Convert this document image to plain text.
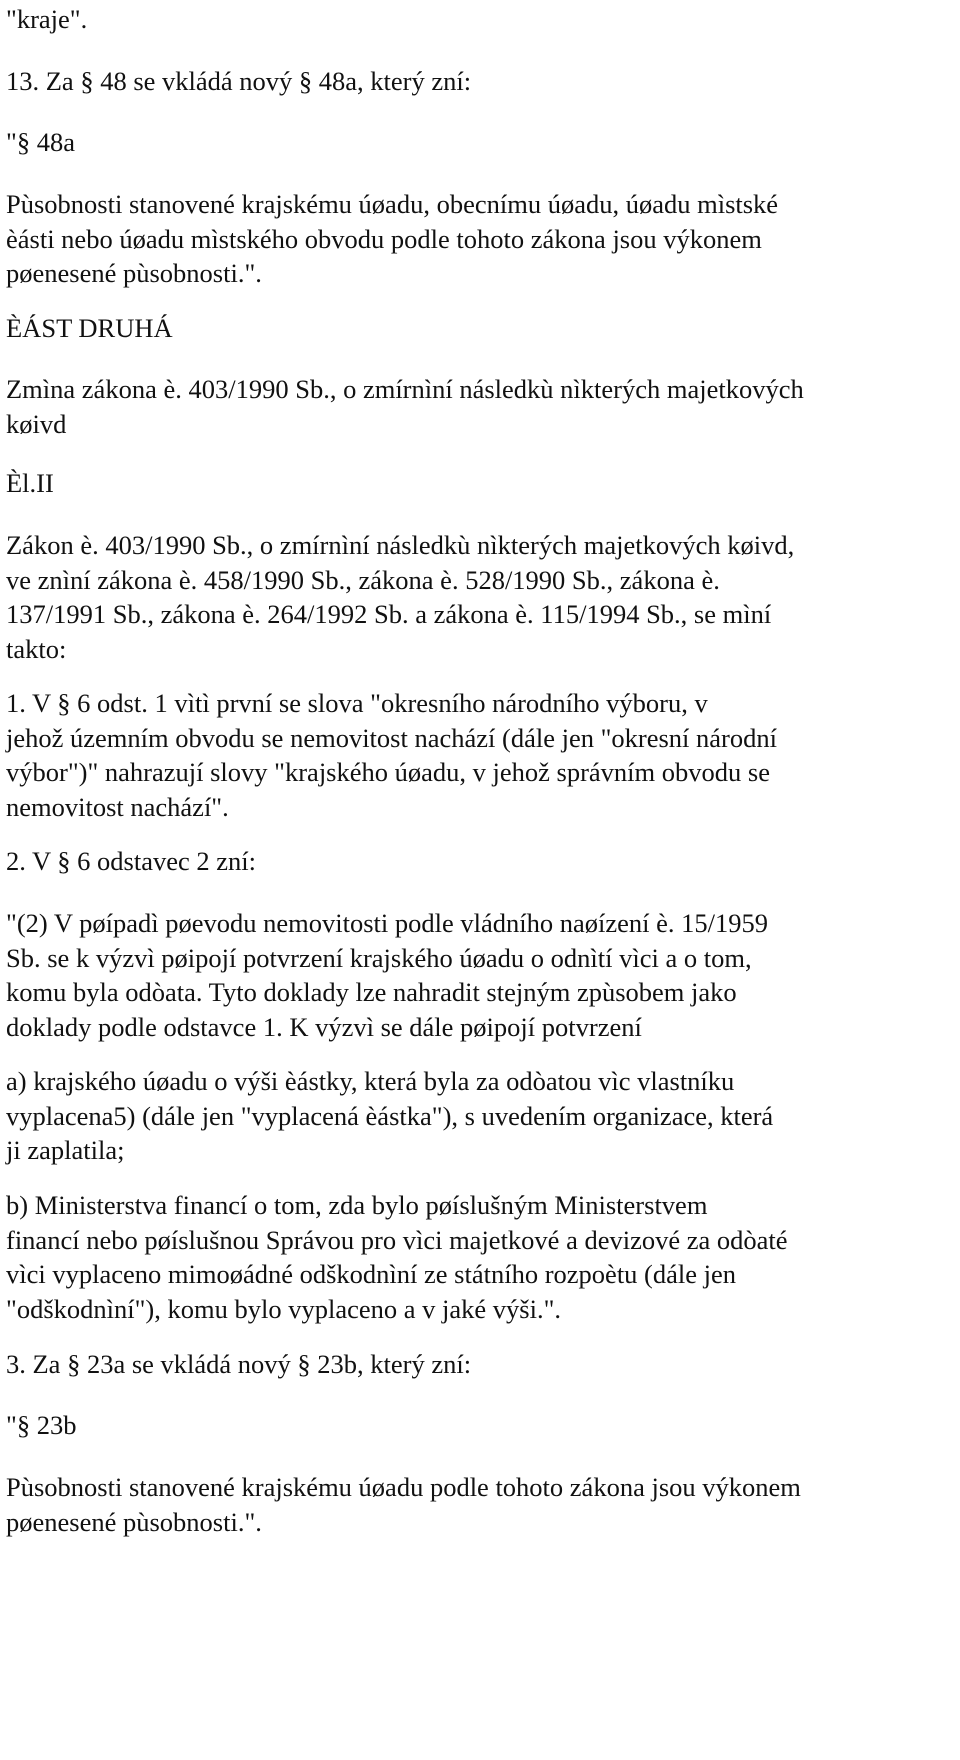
"kraje".

13. Za § 48 se vkládá nový § 48a, který zní:

"§ 48a

Pùsobnosti stanovené krajskému úøadu, obecnímu úøadu, úøadu mìstské
èásti nebo úøadu mìstského obvodu podle tohoto zákona jsou výkonem
pøenesené pùsobnosti.".

ÈÁST DRUHÁ

Zmìna zákona è. 403/1990 Sb., o zmírnìní následkù nìkterých majetkových
køivd

Èl.II

Zákon è. 403/1990 Sb., o zmírnìní následkù nìkterých majetkových køivd,
ve znìní zákona è. 458/1990 Sb., zákona è. 528/1990 Sb., zákona è.
137/1991 Sb., zákona è. 264/1992 Sb. a zákona è. 115/1994 Sb., se mìní
takto:

1. V § 6 odst. 1 vìtì první se slova "okresního národního výboru, v
jehož územním obvodu se nemovitost nachází (dále jen "okresní národní
výbor")" nahrazují slovy "krajského úøadu, v jehož správním obvodu se
nemovitost nachází".

2. V § 6 odstavec 2 zní:

"(2) V pøípadì pøevodu nemovitosti podle vládního naøízení è. 15/1959
Sb. se k výzvì pøipojí potvrzení krajského úøadu o odnìtí vìci a o tom,
komu byla odòata. Tyto doklady lze nahradit stejným zpùsobem jako
doklady podle odstavce 1. K výzvì se dále pøipojí potvrzení

a) krajského úøadu o výši èástky, která byla za odòatou vìc vlastníku
vyplacena5) (dále jen "vyplacená èástka"), s uvedením organizace, která
ji zaplatila;

b) Ministerstva financí o tom, zda bylo pøíslušným Ministerstvem
financí nebo pøíslušnou Správou pro vìci majetkové a devizové za odòaté
vìci vyplaceno mimoøádné odškodnìní ze státního rozpoètu (dále jen
"odškodnìní"), komu bylo vyplaceno a v jaké výši.".

3. Za § 23a se vkládá nový § 23b, který zní:

"§ 23b

Pùsobnosti stanovené krajskému úøadu podle tohoto zákona jsou výkonem
pøenesené pùsobnosti.".
